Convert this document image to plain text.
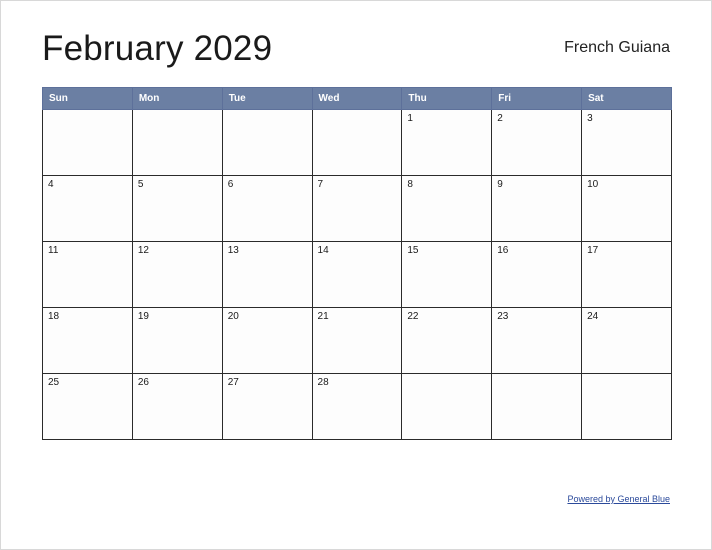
February 2029	French Guiana
Sun	Mon	Tue	Wed	Thu	Fri	Sat

				1	2	3

4	5	6	7	8	9	10

11	12	13	14	15	16	17

18	19	20	21	22	23	24

25	26	27	28			

Powered by General Blue
